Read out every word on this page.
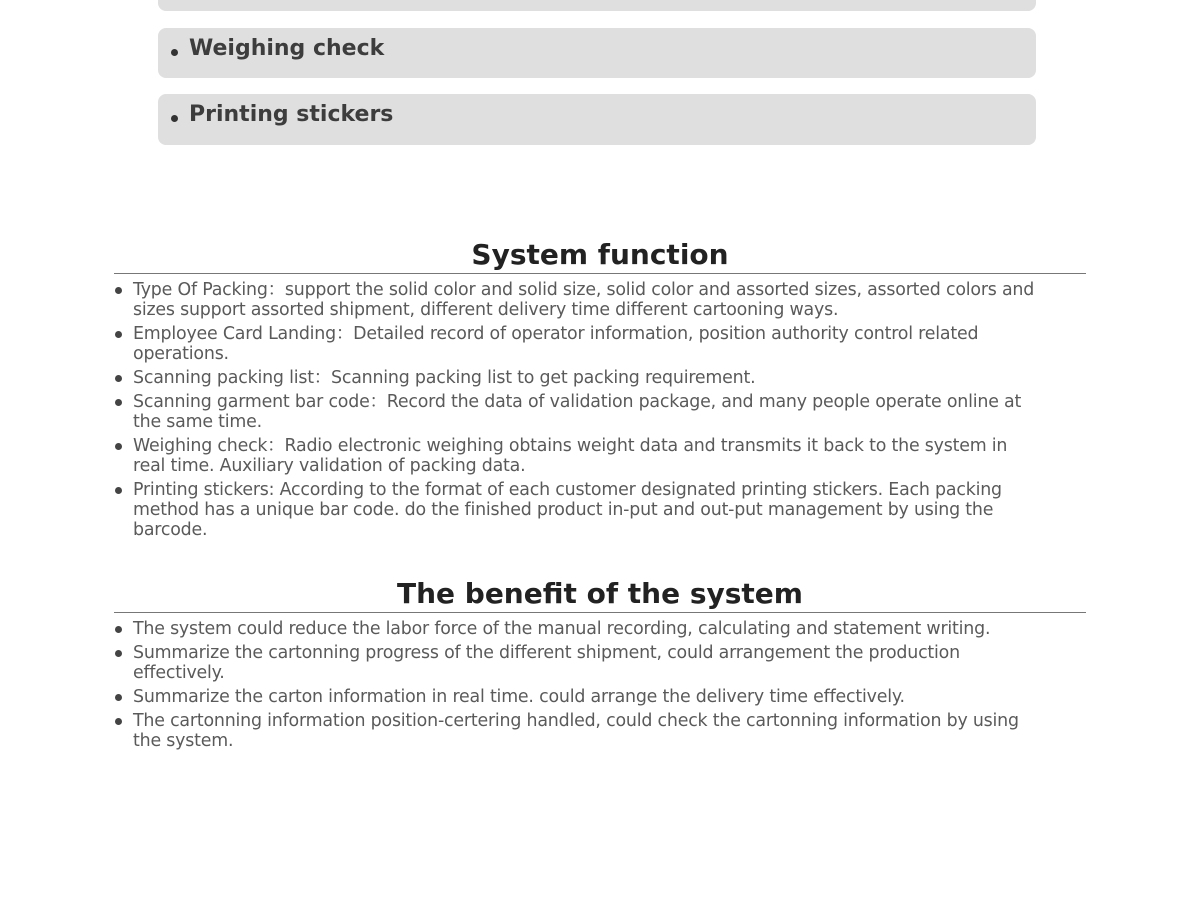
Weighing check
Printing stickers
System function
Type Of Packing：support the solid color and solid size, solid color and assorted sizes, assorted colors and sizes support assorted shipment, different delivery time different cartooning ways.
Employee Card Landing：Detailed record of operator information, position authority control related operations.
Scanning packing list：Scanning packing list to get packing requirement.
Scanning garment bar code：Record the data of validation package, and many people operate online at the same time.
Weighing check：Radio electronic weighing obtains weight data and transmits it back to the system in real time. Auxiliary validation of packing data.
Printing stickers: According to the format of each customer designated printing stickers. Each packing method has a unique bar code. do the finished product in-put and out-put management by using the barcode.
The benefit of the system
The system could reduce the labor force of the manual recording, calculating and statement writing.
Summarize the cartonning progress of the different shipment, could arrangement the production effectively.
Summarize the carton information in real time. could arrange the delivery time effectively.
The cartonning information position-certering handled, could check the cartonning information by using the system.
